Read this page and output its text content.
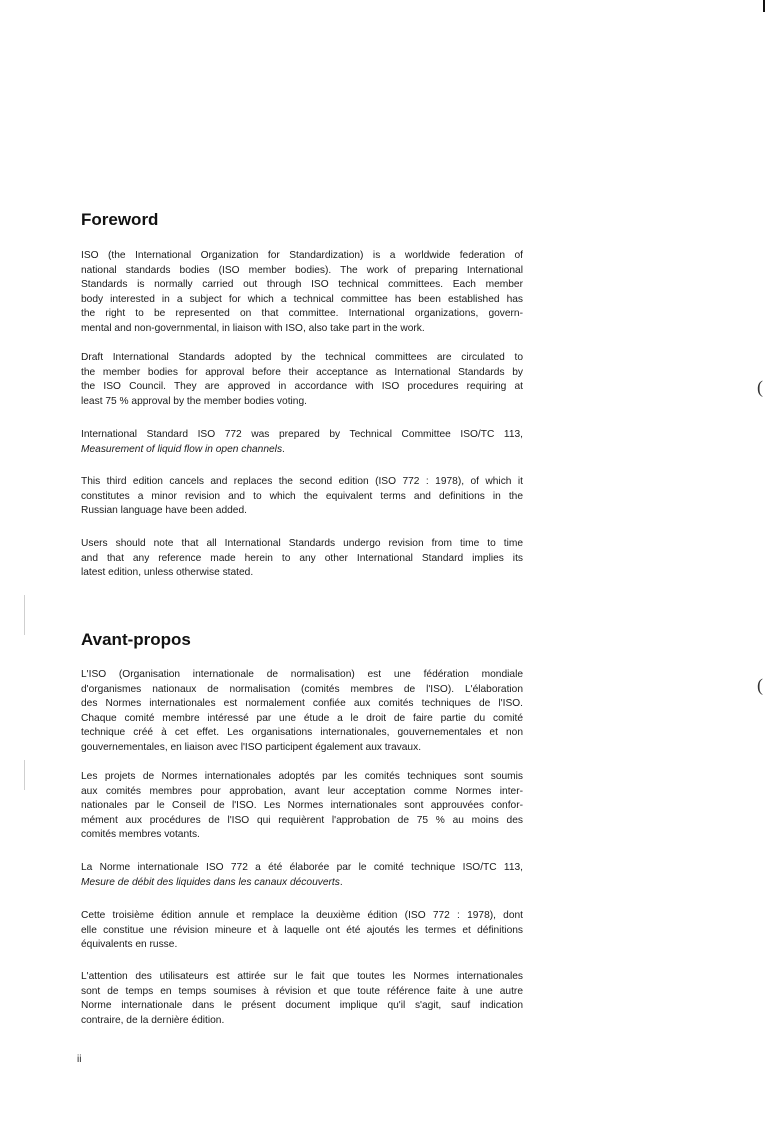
(
(
Foreword
ISO (the International Organization for Standardization) is a worldwide federation of
national standards bodies (ISO member bodies). The work of preparing International
Standards is normally carried out through ISO technical committees. Each member
body interested in a subject for which a technical committee has been established has
the right to be represented on that committee. International organizations, govern-
mental and non-governmental, in liaison with ISO, also take part in the work.
Draft International Standards adopted by the technical committees are circulated to
the member bodies for approval before their acceptance as International Standards by
the ISO Council. They are approved in accordance with ISO procedures requiring at
least 75 % approval by the member bodies voting.
International Standard ISO 772 was prepared by Technical Committee ISO/TC 113,
Measurement of liquid flow in open channels.
This third edition cancels and replaces the second edition (ISO 772 : 1978), of which it
constitutes a minor revision and to which the equivalent terms and definitions in the
Russian language have been added.
Users should note that all International Standards undergo revision from time to time
and that any reference made herein to any other International Standard implies its
latest edition, unless otherwise stated.
Avant-propos
L'ISO (Organisation internationale de normalisation) est une fédération mondiale
d'organismes nationaux de normalisation (comités membres de l'ISO). L'élaboration
des Normes internationales est normalement confiée aux comités techniques de l'ISO.
Chaque comité membre intéressé par une étude a le droit de faire partie du comité
technique créé à cet effet. Les organisations internationales, gouvernementales et non
gouvernementales, en liaison avec l'ISO participent également aux travaux.
Les projets de Normes internationales adoptés par les comités techniques sont soumis
aux comités membres pour approbation, avant leur acceptation comme Normes inter-
nationales par le Conseil de l'ISO. Les Normes internationales sont approuvées confor-
mément aux procédures de l'ISO qui requièrent l'approbation de 75 % au moins des
comités membres votants.
La Norme internationale ISO 772 a été élaborée par le comité technique ISO/TC 113,
Mesure de débit des liquides dans les canaux découverts.
Cette troisième édition annule et remplace la deuxième édition (ISO 772 : 1978), dont
elle constitue une révision mineure et à laquelle ont été ajoutés les termes et définitions
équivalents en russe.
L'attention des utilisateurs est attirée sur le fait que toutes les Normes internationales
sont de temps en temps soumises à révision et que toute référence faite à une autre
Norme internationale dans le présent document implique qu'il s'agit, sauf indication
contraire, de la dernière édition.
ii
